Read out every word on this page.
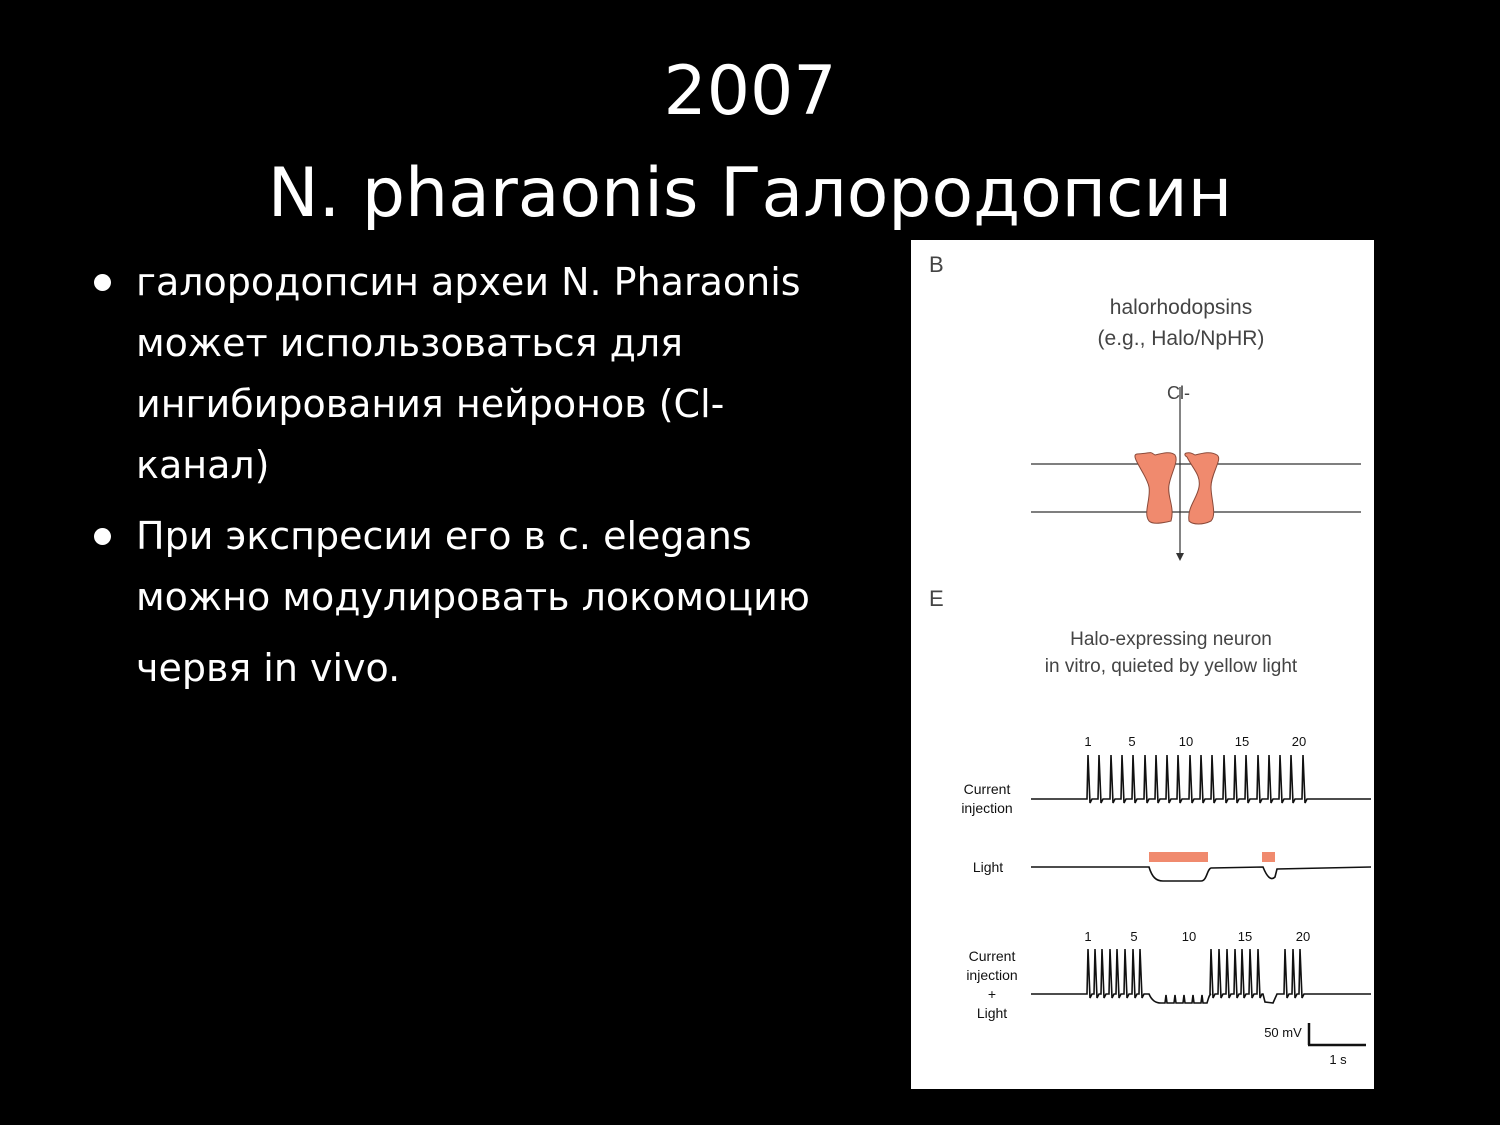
2007
N. pharaonis Галородопсин
галородопсин археи N. Pharaonis
может использоваться для
ингибирования нейронов (Cl-
канал)
При экспресии его в c. elegans
можно модулировать локомоцию
червя in vivo.
B
halorhodopsins
(e.g., Halo/NpHR)
Cl-
E
Halo-expressing neuron
in vitro, quieted by yellow light
1	5	10	15	20
Current
injection
Light
1	5	10	15	20
Current
injection
+
Light
50 mV
1 s
